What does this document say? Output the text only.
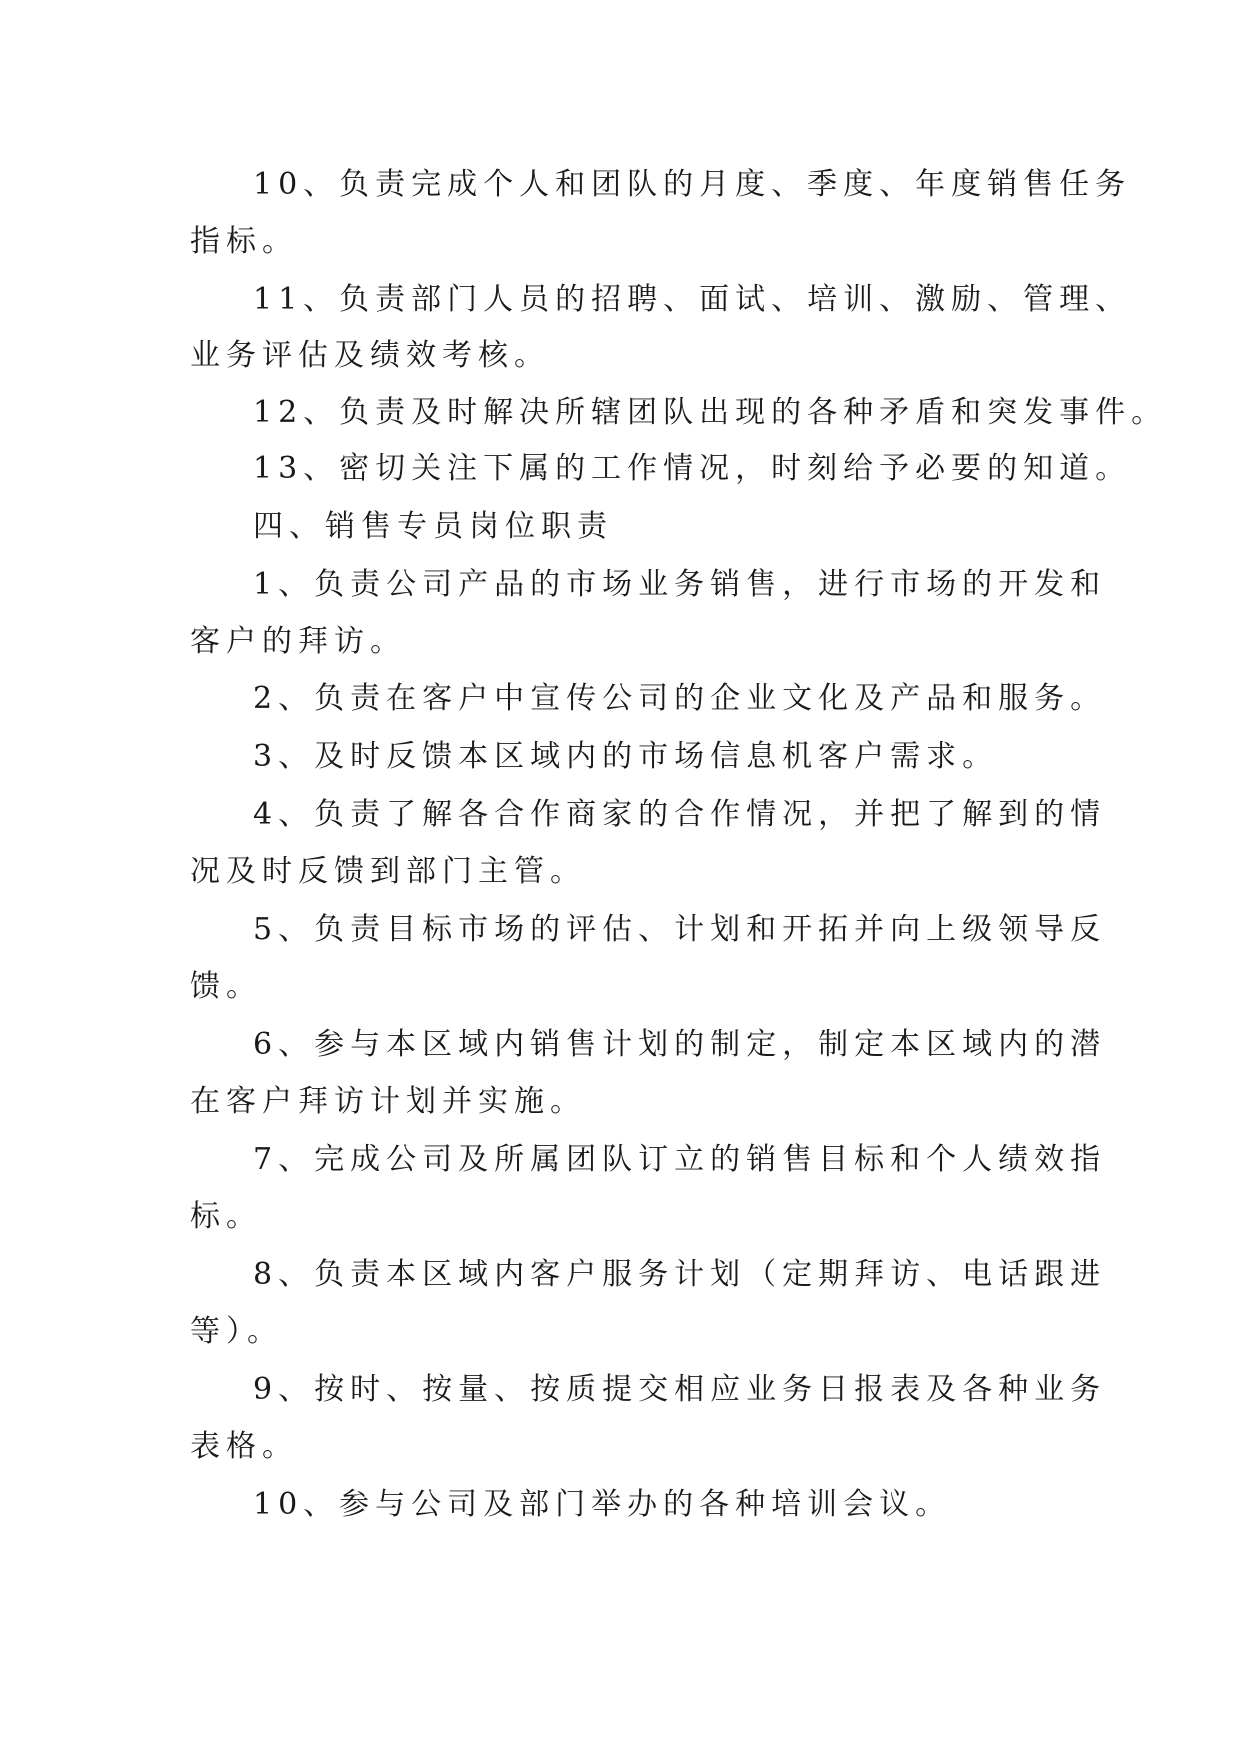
10、负责完成个人和团队的月度、季度、年度销售任务
指标。
11、负责部门人员的招聘、面试、培训、激励、管理、
业务评估及绩效考核。
12、负责及时解决所辖团队出现的各种矛盾和突发事件。
13、密切关注下属的工作情况，时刻给予必要的知道。
四、销售专员岗位职责
1、负责公司产品的市场业务销售，进行市场的开发和
客户的拜访。
2、负责在客户中宣传公司的企业文化及产品和服务。
3、及时反馈本区域内的市场信息机客户需求。
4、负责了解各合作商家的合作情况，并把了解到的情
况及时反馈到部门主管。
5、负责目标市场的评估、计划和开拓并向上级领导反
馈。
6、参与本区域内销售计划的制定，制定本区域内的潜
在客户拜访计划并实施。
7、完成公司及所属团队订立的销售目标和个人绩效指
标。
8、负责本区域内客户服务计划（定期拜访、电话跟进
等）。
9、按时、按量、按质提交相应业务日报表及各种业务
表格。
10、参与公司及部门举办的各种培训会议。
